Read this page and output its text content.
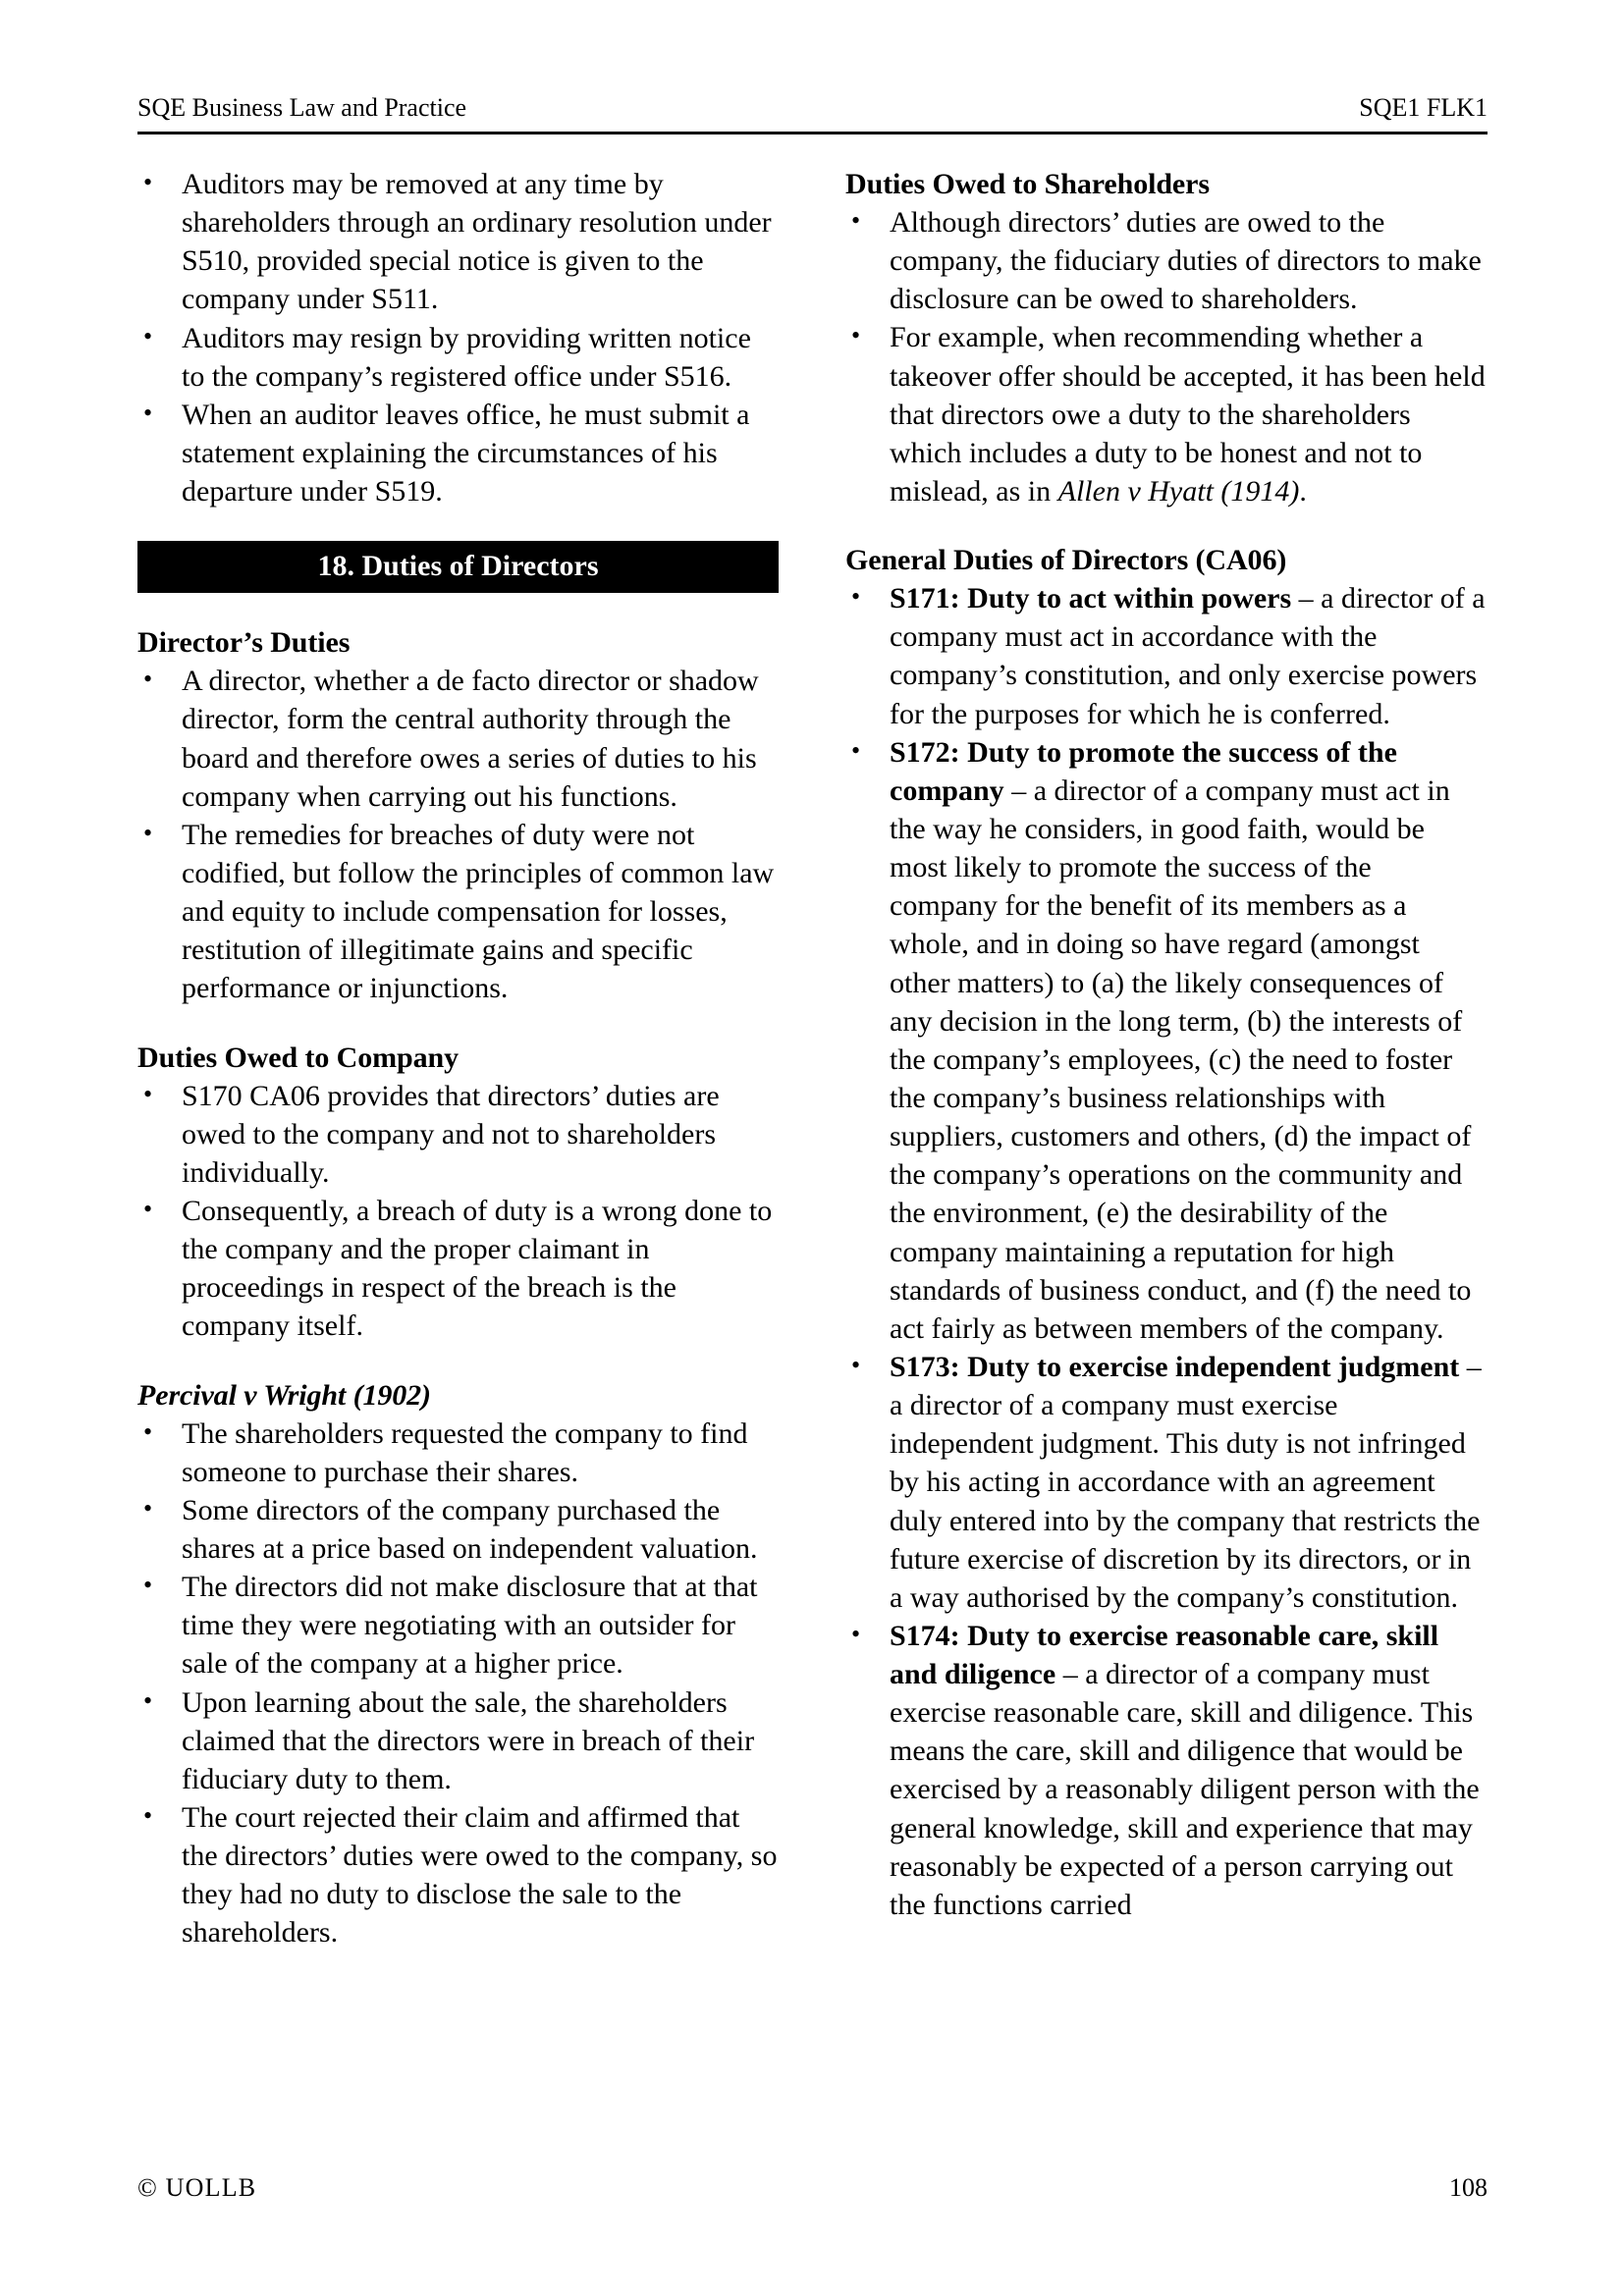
SQE Business Law and Practice	SQE1 FLK1
• Auditors may be removed at any time by shareholders through an ordinary resolution under S510, provided special notice is given to the company under S511.
• Auditors may resign by providing written notice to the company’s registered office under S516.
• When an auditor leaves office, he must submit a statement explaining the circumstances of his departure under S519.
18. Duties of Directors
Director’s Duties
• A director, whether a de facto director or shadow director, form the central authority through the board and therefore owes a series of duties to his company when carrying out his functions.
• The remedies for breaches of duty were not codified, but follow the principles of common law and equity to include compensation for losses, restitution of illegitimate gains and specific performance or injunctions.
Duties Owed to Company
• S170 CA06 provides that directors’ duties are owed to the company and not to shareholders individually.
• Consequently, a breach of duty is a wrong done to the company and the proper claimant in proceedings in respect of the breach is the company itself.
Percival v Wright (1902)
• The shareholders requested the company to find someone to purchase their shares.
• Some directors of the company purchased the shares at a price based on independent valuation.
• The directors did not make disclosure that at that time they were negotiating with an outsider for sale of the company at a higher price.
• Upon learning about the sale, the shareholders claimed that the directors were in breach of their fiduciary duty to them.
• The court rejected their claim and affirmed that the directors’ duties were owed to the company, so they had no duty to disclose the sale to the shareholders.
Duties Owed to Shareholders
• Although directors’ duties are owed to the company, the fiduciary duties of directors to make disclosure can be owed to shareholders.
• For example, when recommending whether a takeover offer should be accepted, it has been held that directors owe a duty to the shareholders which includes a duty to be honest and not to mislead, as in Allen v Hyatt (1914).
General Duties of Directors (CA06)
• S171: Duty to act within powers – a director of a company must act in accordance with the company’s constitution, and only exercise powers for the purposes for which he is conferred.
• S172: Duty to promote the success of the company – a director of a company must act in the way he considers, in good faith, would be most likely to promote the success of the company for the benefit of its members as a whole, and in doing so have regard (amongst other matters) to (a) the likely consequences of any decision in the long term, (b) the interests of the company’s employees, (c) the need to foster the company’s business relationships with suppliers, customers and others, (d) the impact of the company’s operations on the community and the environment, (e) the desirability of the company maintaining a reputation for high standards of business conduct, and (f) the need to act fairly as between members of the company.
• S173: Duty to exercise independent judgment – a director of a company must exercise independent judgment. This duty is not infringed by his acting in accordance with an agreement duly entered into by the company that restricts the future exercise of discretion by its directors, or in a way authorised by the company’s constitution.
• S174: Duty to exercise reasonable care, skill and diligence – a director of a company must exercise reasonable care, skill and diligence. This means the care, skill and diligence that would be exercised by a reasonably diligent person with the general knowledge, skill and experience that may reasonably be expected of a person carrying out the functions carried
© UOLLB	108
